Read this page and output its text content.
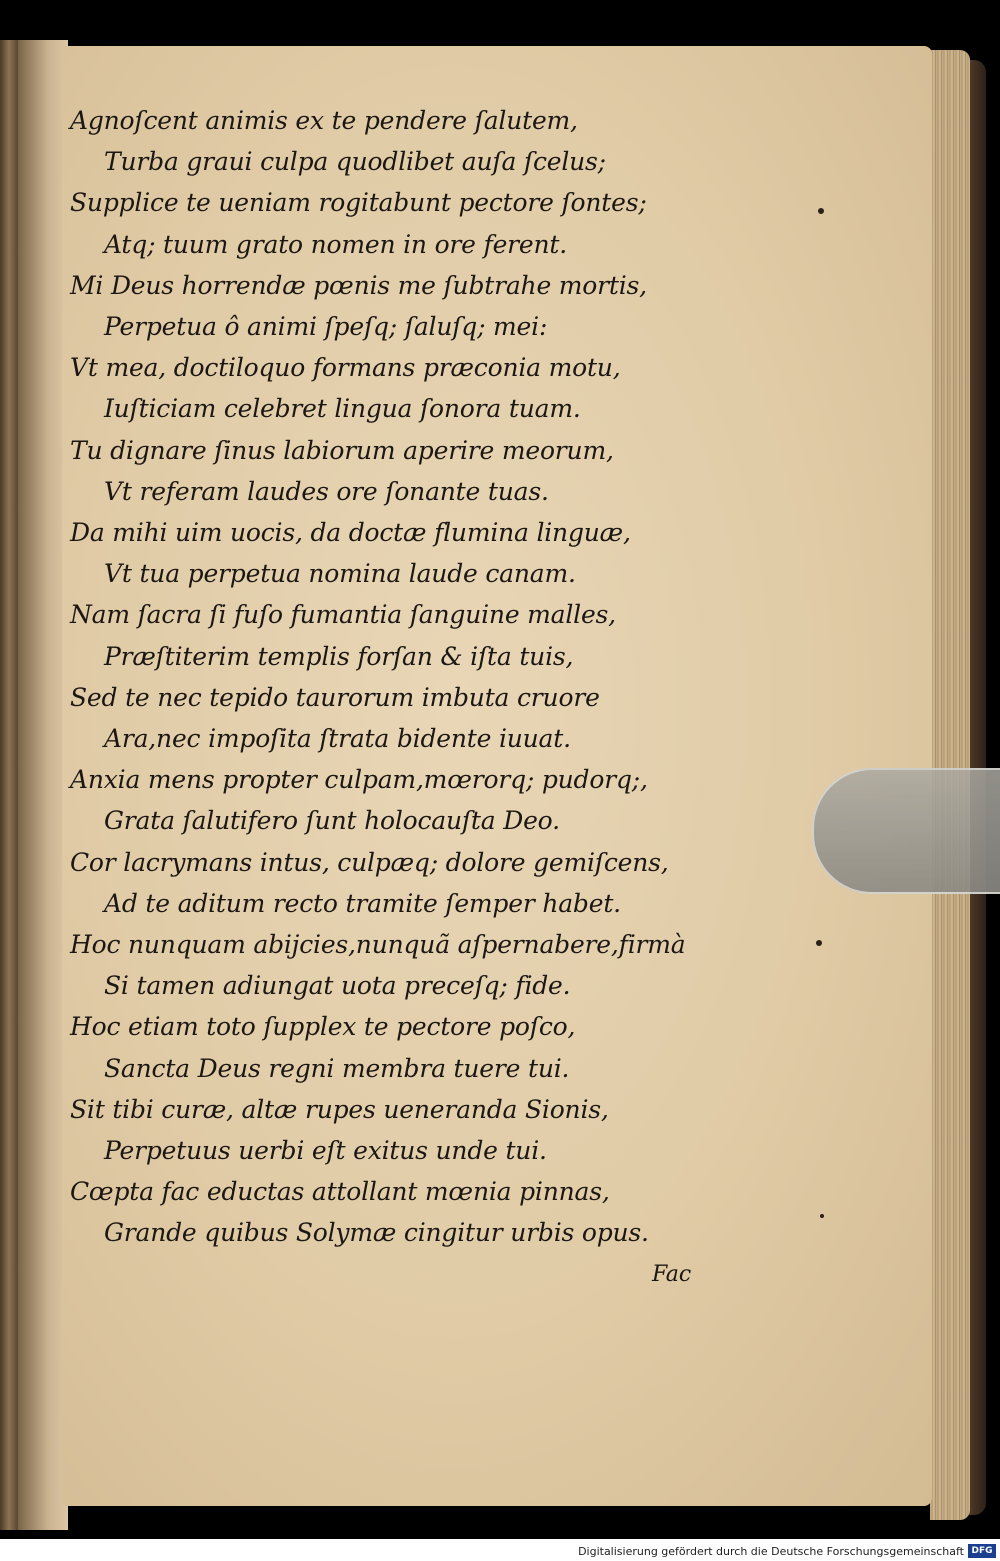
Agnoſcent animis ex te pendere ſalutem,
Turba graui culpa quodlibet auſa ſcelus;
Supplice te ueniam rogitabunt pectore ſontes;
Atq; tuum grato nomen in ore ferent.
Mi Deus horrendæ pœnis me ſubtrahe mortis,
Perpetua ô animi ſpeſq; ſaluſq; mei:
Vt mea, doctiloquo formans præconia motu,
Iuſticiam celebret lingua ſonora tuam.
Tu dignare ſinus labiorum aperire meorum,
Vt referam laudes ore ſonante tuas.
Da mihi uim uocis, da doctæ flumina linguæ,
Vt tua perpetua nomina laude canam.
Nam ſacra ſi fuſo fumantia ſanguine malles,
Præſtiterim templis forſan & iſta tuis,
Sed te nec tepido taurorum imbuta cruore
Ara,nec impoſita ſtrata bidente iuuat.
Anxia mens propter culpam,mœrorq; pudorq;,
Grata ſalutifero ſunt holocauſta Deo.
Cor lacrymans intus, culpæq; dolore gemiſcens,
Ad te aditum recto tramite ſemper habet.
Hoc nunquam abijcies,nunquã aſpernabere,firmà
Si tamen adiungat uota preceſq; fide.
Hoc etiam toto ſupplex te pectore poſco,
Sancta Deus regni membra tuere tui.
Sit tibi curæ, altæ rupes ueneranda Sionis,
Perpetuus uerbi eſt exitus unde tui.
Cœpta fac eductas attollant mœnia pinnas,
Grande quibus Solymæ cingitur urbis opus.
Fac
Digitalisierung gefördert durch die Deutsche Forschungsgemeinschaft DFG
